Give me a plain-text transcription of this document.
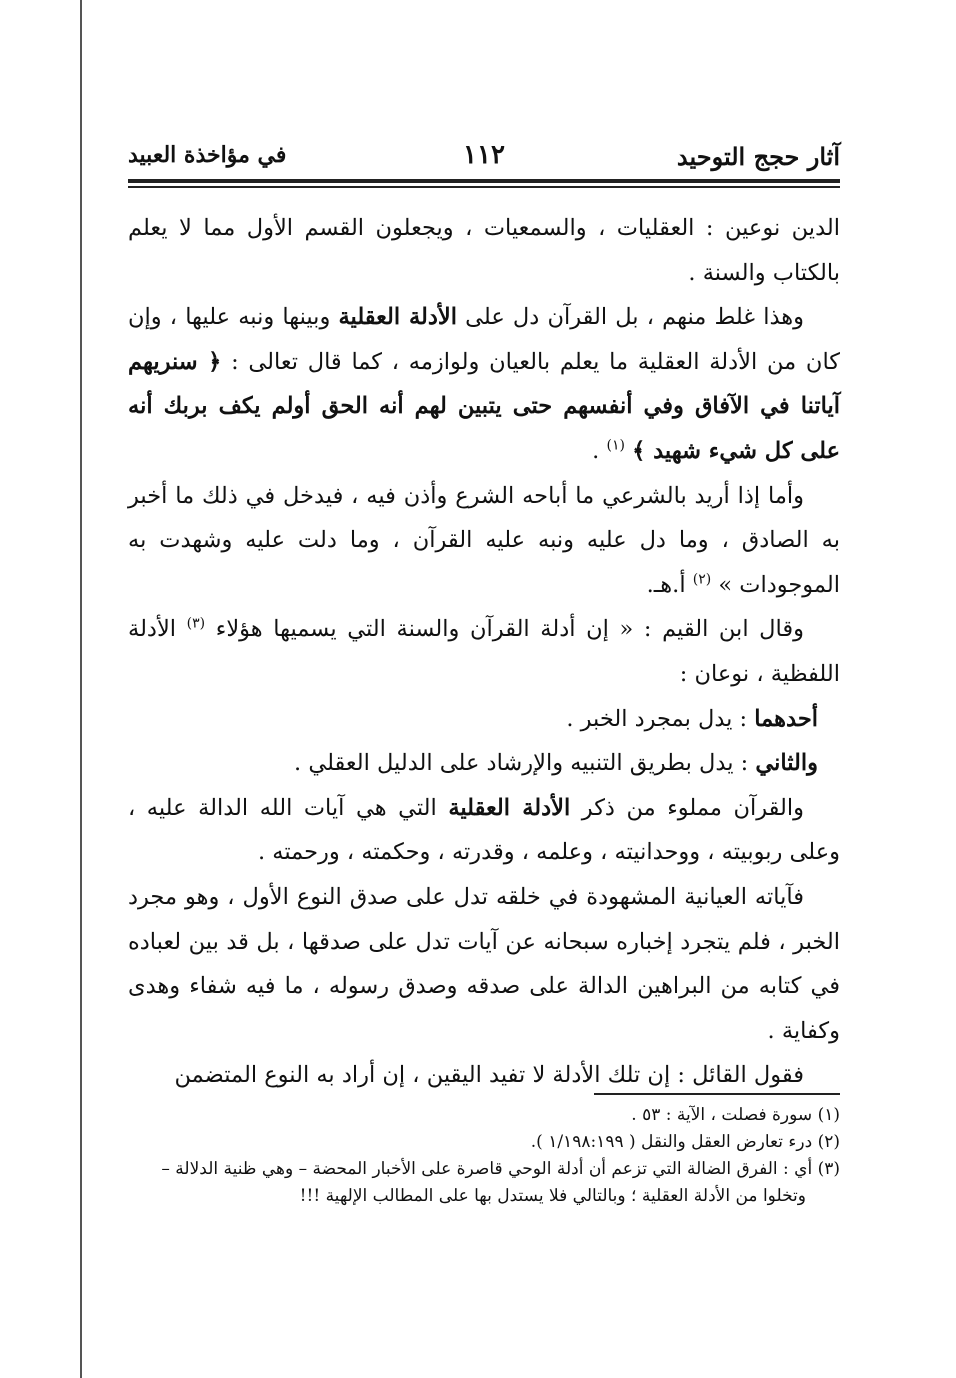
آثار حجج التوحيد
١١٢
في مؤاخذة العبيد

الدين نوعين : العقليات ، والسمعيات ، ويجعلون القسم الأول مما لا يعلم بالكتاب والسنة .

وهذا غلط منهم ، بل القرآن دل على الأدلة العقلية وبينها ونبه عليها ، وإن كان من الأدلة العقلية ما يعلم بالعيان ولوازمه ، كما قال تعالى : ﴿ سنريهم آياتنا في الآفاق وفي أنفسهم حتى يتبين لهم أنه الحق أولم يكف بربك أنه على كل شيء شهيد ﴾ $^{(١)}$ .

وأما إذا أريد بالشرعي ما أباحه الشرع وأذن فيه ، فيدخل في ذلك ما أخبر به الصادق ، وما دل عليه ونبه عليه القرآن ، وما دلت عليه وشهدت به الموجودات » $^{(٢)}$ أ.هـ.

وقال ابن القيم : « إن أدلة القرآن والسنة التي يسميها هؤلاء $^{(٣)}$ الأدلة اللفظية ، نوعان :

أحدهما : يدل بمجرد الخبر .

والثاني : يدل بطريق التنبيه والإرشاد على الدليل العقلي .

والقرآن مملوء من ذكر الأدلة العقلية التي هي آيات الله الدالة عليه ، وعلى ربوبيته ، ووحدانيته ، وعلمه ، وقدرته ، وحكمته ، ورحمته .

فآياته العيانية المشهودة في خلقه تدل على صدق النوع الأول ، وهو مجرد الخبر ، فلم يتجرد إخباره سبحانه عن آيات تدل على صدقها ، بل قد بين لعباده في كتابه من البراهين الدالة على صدقه وصدق رسوله ، ما فيه شفاء وهدى وكفاية .

فقول القائل : إن تلك الأدلة لا تفيد اليقين ، إن أراد به النوع المتضمن

(١) سورة فصلت ، الآية : ٥٣ .

(٢) درء تعارض العقل والنقل ( ١/١٩٨:١٩٩ ).

(٣) أي : الفرق الضالة التي تزعم أن أدلة الوحي قاصرة على الأخبار المحضة – وهي ظنية الدلالة –

وتخلوا من الأدلة العقلية ؛ وبالتالي فلا يستدل بها على المطالب الإلهية !!!
